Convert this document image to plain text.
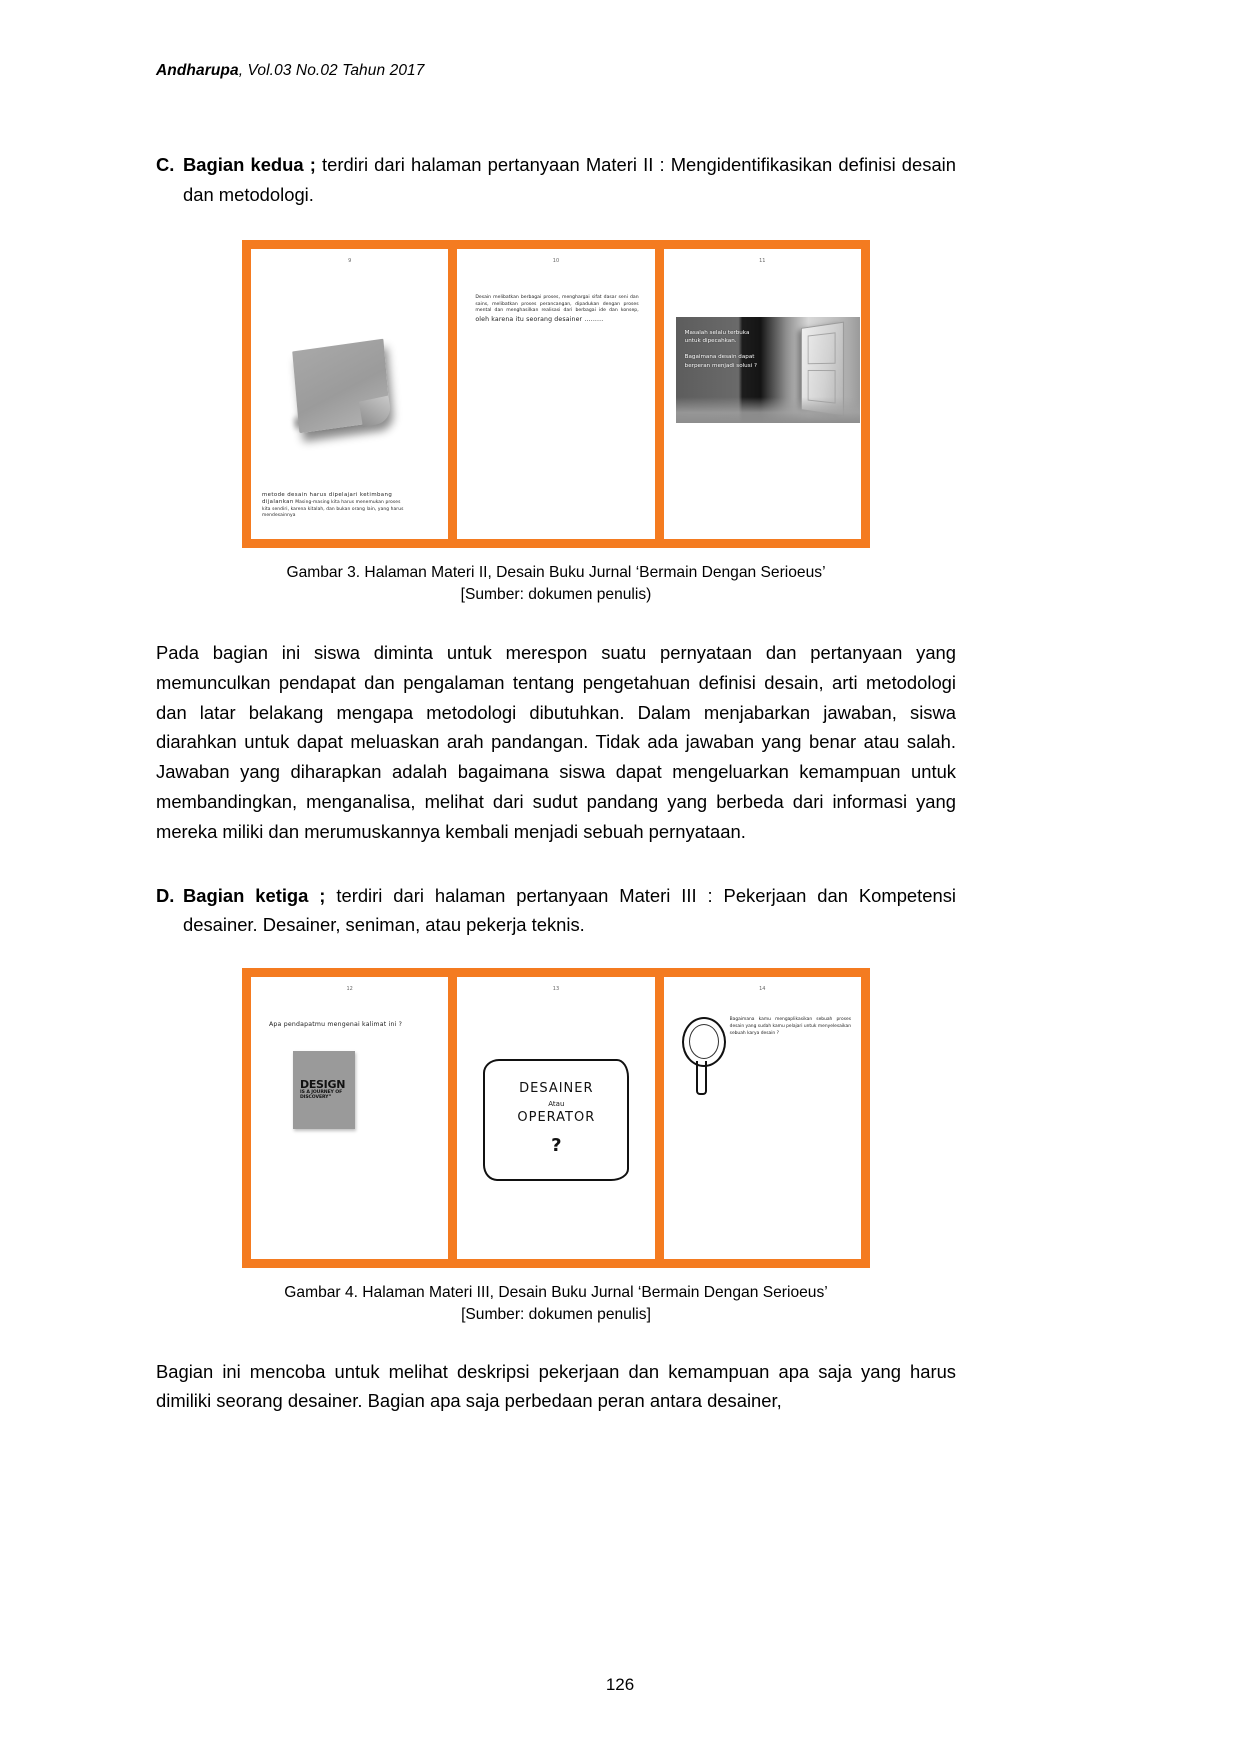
Andharupa, Vol.03 No.02 Tahun 2017
C. Bagian kedua ; terdiri dari halaman pertanyaan Materi II : Mengidentifikasikan definisi desain dan metodologi.
9
metode desain harus dipelajari ketimbang dijalankan Masing-masing kita harus menemukan proses kita sendiri, karena kitalah, dan bukan orang lain, yang harus mendesainnya
10
Desain melibatkan berbagai proses, menghargai sifat dasar seni dan sains, melibatkan proses perancangan, dipadukan dengan proses mental dan menghasilkan realisasi dari berbagai ide dan konsep, oleh karena itu seorang desainer .........
11
Masalah selalu terbuka untuk dipecahkan.
Bagaimana desain dapat berperan menjadi solusi ?
Gambar 3. Halaman Materi II, Desain Buku Jurnal ‘Bermain Dengan Serioeus’
[Sumber: dokumen penulis)

Pada bagian ini siswa diminta untuk merespon suatu pernyataan dan pertanyaan yang memunculkan pendapat dan pengalaman tentang pengetahuan definisi desain, arti metodologi dan latar belakang mengapa metodologi dibutuhkan. Dalam menjabarkan jawaban, siswa diarahkan untuk dapat meluaskan arah pandangan. Tidak ada jawaban yang benar atau salah. Jawaban yang diharapkan adalah bagaimana siswa dapat mengeluarkan kemampuan untuk membandingkan, menganalisa, melihat dari sudut pandang yang berbeda dari informasi yang mereka miliki dan merumuskannya kembali menjadi sebuah pernyataan.

D. Bagian ketiga ; terdiri dari halaman pertanyaan Materi III : Pekerjaan dan Kompetensi desainer. Desainer, seniman, atau pekerja teknis.
12
Apa pendapatmu mengenai kalimat ini ?
DESIGN
IS A JOURNEY OF DISCOVERY”
13
DESAINER
Atau
OPERATOR
?
14
Bagaimana kamu mengaplikasikan sebuah proses desain yang sudah kamu pelajari untuk menyelesaikan sebuah karya desain ?
Gambar 4. Halaman Materi III, Desain Buku Jurnal ‘Bermain Dengan Serioeus’
[Sumber: dokumen penulis]

Bagian ini mencoba untuk melihat deskripsi pekerjaan dan kemampuan apa saja yang harus dimiliki seorang desainer. Bagian apa saja perbedaan peran antara desainer,

126
